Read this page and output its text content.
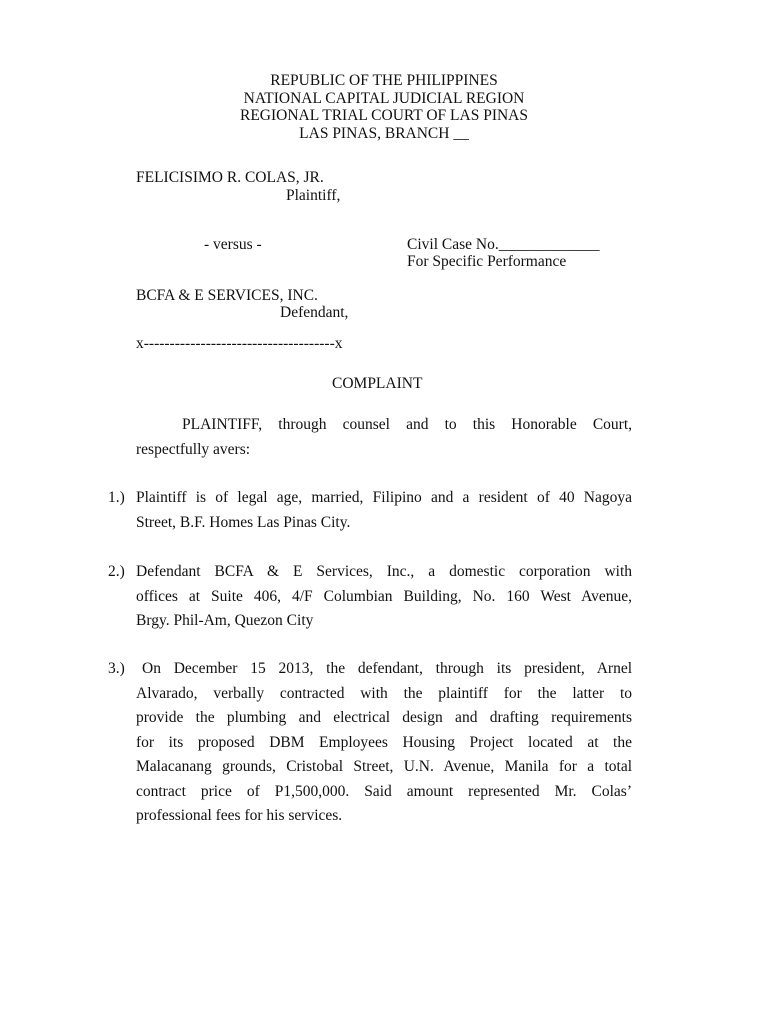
REPUBLIC OF THE PHILIPPINES
NATIONAL CAPITAL JUDICIAL REGION
REGIONAL TRIAL COURT OF LAS PINAS
LAS PINAS, BRANCH __
FELICISIMO R. COLAS, JR.
Plaintiff,
- versus -	Civil Case No._____________
For Specific Performance
BCFA & E SERVICES, INC.
Defendant,
x-------------------------------------x
COMPLAINT
PLAINTIFF, through counsel and to this Honorable Court,
respectfully avers:
1.) Plaintiff is of legal age, married, Filipino and a resident of 40 Nagoya
Street, B.F. Homes Las Pinas City.
2.) Defendant BCFA & E Services, Inc., a domestic corporation with
offices at Suite 406, 4/F Columbian Building, No. 160 West Avenue,
Brgy. Phil-Am, Quezon City
3.)	On December 15 2013, the defendant, through its president, Arnel
Alvarado, verbally contracted with the plaintiff for the latter to
provide the plumbing and electrical design and drafting requirements
for its proposed DBM Employees Housing Project located at the
Malacanang grounds, Cristobal Street, U.N. Avenue, Manila for a total
contract price of P1,500,000. Said amount represented Mr. Colas’
professional fees for his services.
